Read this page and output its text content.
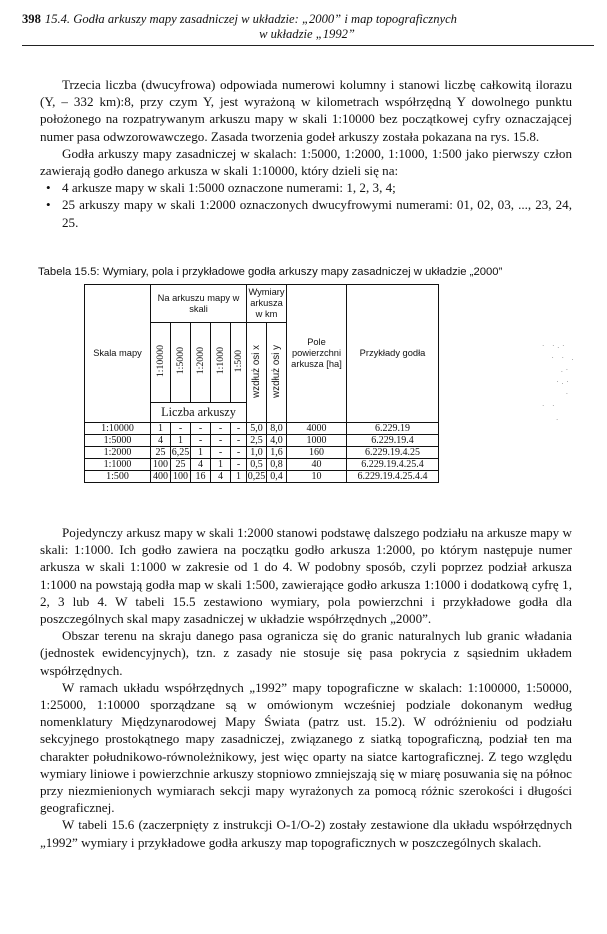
398 15.4. Godła arkuszy mapy zasadniczej w układzie: „2000” i map topograficznych
w układzie „1992”

Trzecia liczba (dwucyfrowa) odpowiada numerowi kolumny i stanowi liczbę całkowitą ilorazu (Y, – 332 km):8, przy czym Y, jest wyrażoną w kilometrach współrzędną Y dowolnego punktu położonego na rozpatrywanym arkuszu mapy w skali 1:10000 bez początkowej cyfry oznaczającej numer pasa odwzorowawczego. Zasada tworzenia godeł arkuszy została pokazana na rys. 15.8.

Godła arkuszy mapy zasadniczej w skalach: 1:5000, 1:2000, 1:1000, 1:500 jako pierwszy człon zawierają godło danego arkusza w skali 1:10000, który dzieli się na:

• 4 arkusze mapy w skali 1:5000 oznaczone numerami: 1, 2, 3, 4;

• 25 arkuszy mapy w skali 1:2000 oznaczonych dwucyfrowymi numerami: 01, 02, 03, ..., 23, 24, 25.

Tabela 15.5: Wymiary, pola i przykładowe godła arkuszy mapy zasadniczej w układzie „2000”
Skala mapy	Na arkuszu mapy w skali					Wymiary arkusza w km		Pole powierzchni arkusza [ha]	Przykłady godła
	1:10000	1:5000	1:2000	1:1000	1:500	wzdłuż osi x	wzdłuż osi y		
	Liczba arkuszy								
1:10000	1	-	-	-	-	5,0	8,0	4000	6.229.19
1:5000	4	1	-	-	-	2,5	4,0	1000	6.229.19.4
1:2000	25	6,25	1	-	-	1,0	1,6	160	6.229.19.4.25
1:1000	100	25	4	1	-	0,5	0,8	40	6.229.19.4.25.4
1:500	400	100	16	4	1	0,25	0,4	10	6.229.19.4.25.4.4
· ·.·
· · .
.·
·.·
·
· ·
.

Pojedynczy arkusz mapy w skali 1:2000 stanowi podstawę dalszego podziału na arkusze mapy w skali: 1:1000. Ich godło zawiera na początku godło arkusza 1:2000, po którym następuje numer arkusza w skali 1:1000 w zakresie od 1 do 4. W podobny sposób, czyli poprzez podział arkusza 1:1000 na powstają godła map w skali 1:500, zawierające godło arkusza 1:1000 i dodatkową cyfrę 1, 2, 3 lub 4. W tabeli 15.5 zestawiono wymiary, pola powierzchni i przykładowe godła dla poszczególnych skal mapy zasadniczej w układzie współrzędnych „2000”.

Obszar terenu na skraju danego pasa ogranicza się do granic naturalnych lub granic władania (jednostek ewidencyjnych), tzn. z zasady nie stosuje się pasa pokrycia z sąsiednim układem współrzędnych.

W ramach układu współrzędnych „1992” mapy topograficzne w skalach: 1:100000, 1:50000, 1:25000, 1:10000 sporządzane są w omówionym wcześniej podziale dokonanym według nomenklatury Międzynarodowej Mapy Świata (patrz ust. 15.2). W odróżnieniu od podziału sekcyjnego prostokątnego mapy zasadniczej, związanego z siatką topograficzną, podział ten ma charakter południkowo-równoleżnikowy, jest więc oparty na siatce kartograficznej. Z tego względu wymiary liniowe i powierzchnie arkuszy stopniowo zmniejszają się w miarę posuwania się na północ przy niezmienionych wymiarach sekcji mapy wyrażonych za pomocą różnic szerokości i długości geograficznej.

W tabeli 15.6 (zaczerpnięty z instrukcji O-1/O-2) zostały zestawione dla układu współrzędnych „1992” wymiary i przykładowe godła arkuszy map topograficznych w poszczególnych skalach.
